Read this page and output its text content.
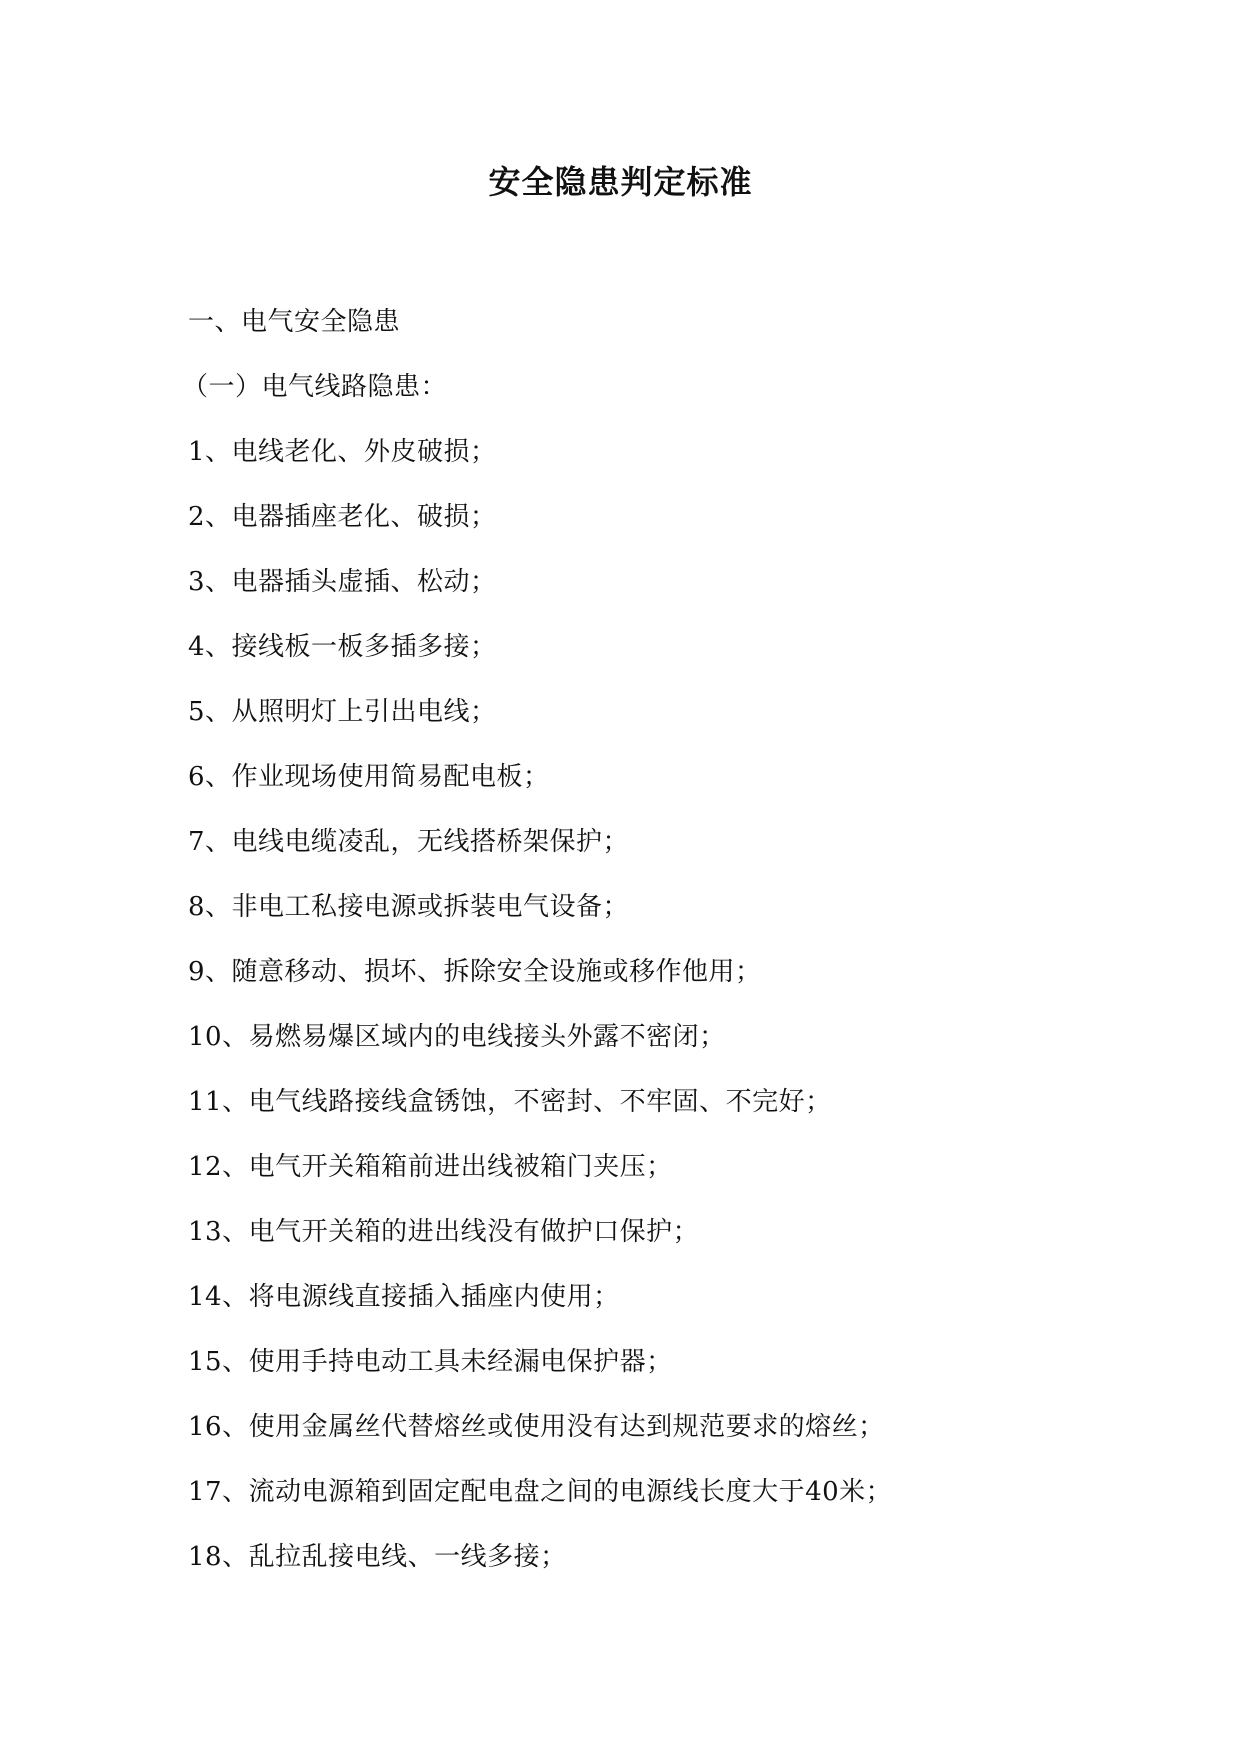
安全隐患判定标准
一、电气安全隐患
（一）电气线路隐患：
1、电线老化、外皮破损；
2、电器插座老化、破损；
3、电器插头虚插、松动；
4、接线板一板多插多接；
5、从照明灯上引出电线；
6、作业现场使用简易配电板；
7、电线电缆凌乱，无线搭桥架保护；
8、非电工私接电源或拆装电气设备；
9、随意移动、损坏、拆除安全设施或移作他用；
10、易燃易爆区域内的电线接头外露不密闭；
11、电气线路接线盒锈蚀，不密封、不牢固、不完好；
12、电气开关箱箱前进出线被箱门夹压；
13、电气开关箱的进出线没有做护口保护；
14、将电源线直接插入插座内使用；
15、使用手持电动工具未经漏电保护器；
16、使用金属丝代替熔丝或使用没有达到规范要求的熔丝；
17、流动电源箱到固定配电盘之间的电源线长度大于40米；
18、乱拉乱接电线、一线多接；
